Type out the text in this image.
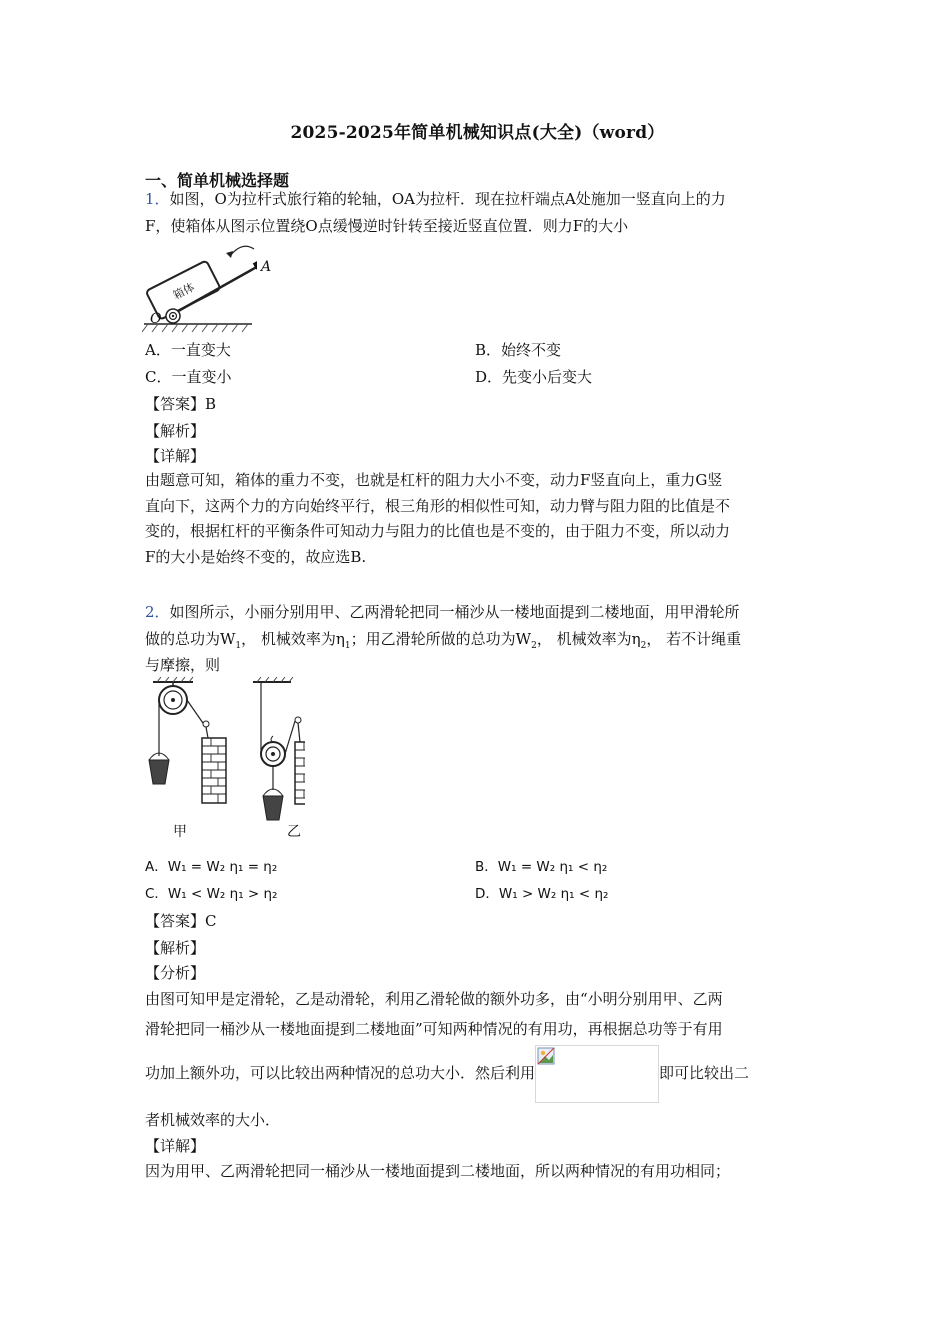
2025-2025年简单机械知识点(大全)（word）
一、简单机械选择题
1．如图，O为拉杆式旅行箱的轮轴，OA为拉杆．现在拉杆端点A处施加一竖直向上的力
F，使箱体从图示位置绕O点缓慢逆时针转至接近竖直位置．则力F的大小
箱体
O
A
A．一直变大	B．始终不变
C．一直变小	D．先变小后变大
【答案】B
【解析】
【详解】
由题意可知，箱体的重力不变，也就是杠杆的阻力大小不变，动力F竖直向上，重力G竖
直向下，这两个力的方向始终平行，根三角形的相似性可知，动力臂与阻力阻的比值是不
变的，根据杠杆的平衡条件可知动力与阻力的比值也是不变的，由于阻力不变，所以动力
F的大小是始终不变的，故应选B.
2．如图所示，小丽分别用甲、乙两滑轮把同一桶沙从一楼地面提到二楼地面，用甲滑轮所
做的总功为$W_1$， 机械效率为$\eta_1$；用乙滑轮所做的总功为$W_2$， 机械效率为$\eta_2$， 若不计绳重
与摩擦，则
甲	乙
A．W₁ = W₂ η₁ = η₂	B．W₁ = W₂ η₁ < η₂
C．W₁ < W₂ η₁ > η₂	D．W₁ > W₂ η₁ < η₂
【答案】C
【解析】
【分析】
由图可知甲是定滑轮，乙是动滑轮，利用乙滑轮做的额外功多，由“小明分别用甲、乙两
滑轮把同一桶沙从一楼地面提到二楼地面”可知两种情况的有用功，再根据总功等于有用
功加上额外功，可以比较出两种情况的总功大小．然后利用	即可比较出二
者机械效率的大小．
【详解】
因为用甲、乙两滑轮把同一桶沙从一楼地面提到二楼地面，所以两种情况的有用功相同；
